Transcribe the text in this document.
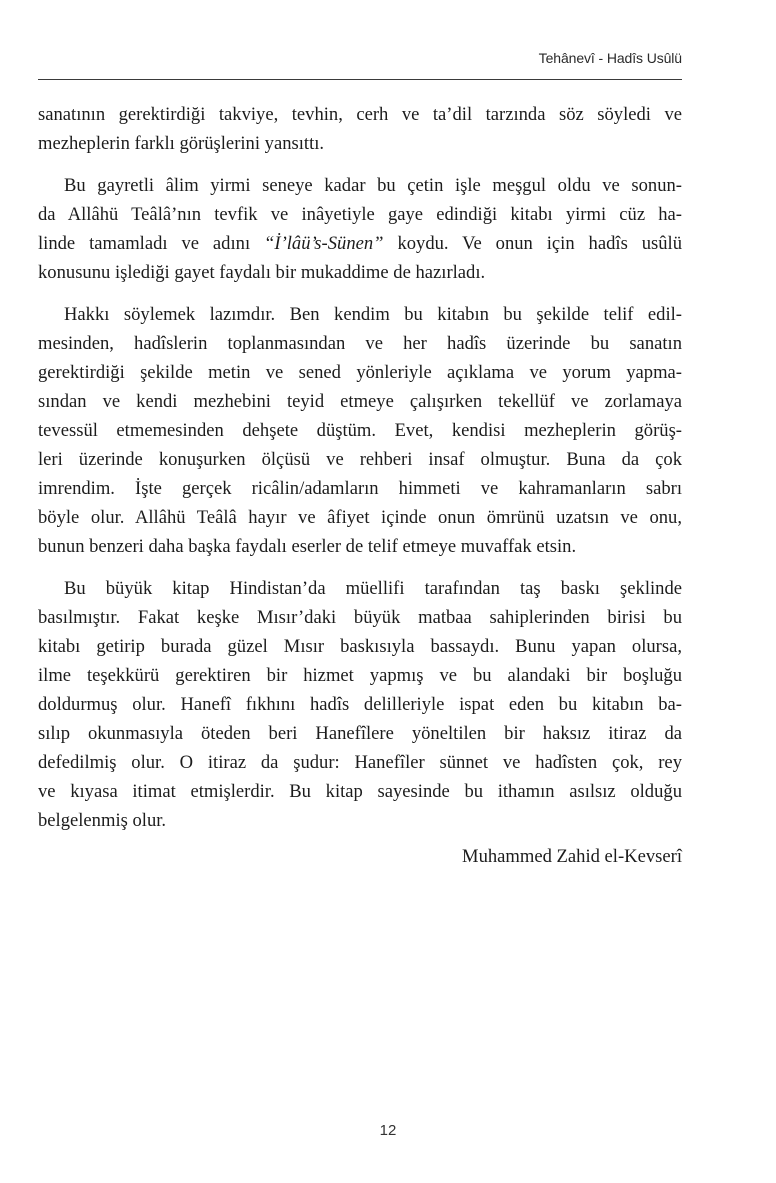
Tehânevî - Hadîs Usûlü
sanatının gerektirdiği takviye, tevhin, cerh ve ta’dil tarzında söz söyledi ve
mezheplerin farklı görüşlerini yansıttı.
Bu gayretli âlim yirmi seneye kadar bu çetin işle meşgul oldu ve sonun-
da Allâhü Teâlâ’nın tevfik ve inâyetiyle gaye edindiği kitabı yirmi cüz ha-
linde tamamladı ve adını “İ’lâü’s-Sünen” koydu. Ve onun için hadîs usûlü
konusunu işlediği gayet faydalı bir mukaddime de hazırladı.
Hakkı söylemek lazımdır. Ben kendim bu kitabın bu şekilde telif edil-
mesinden, hadîslerin toplanmasından ve her hadîs üzerinde bu sanatın
gerektirdiği şekilde metin ve sened yönleriyle açıklama ve yorum yapma-
sından ve kendi mezhebini teyid etmeye çalışırken tekellüf ve zorlamaya
tevessül etmemesinden dehşete düştüm. Evet, kendisi mezheplerin görüş-
leri üzerinde konuşurken ölçüsü ve rehberi insaf olmuştur. Buna da çok
imrendim. İşte gerçek ricâlin/adamların himmeti ve kahramanların sabrı
böyle olur. Allâhü Teâlâ hayır ve âfiyet içinde onun ömrünü uzatsın ve onu,
bunun benzeri daha başka faydalı eserler de telif etmeye muvaffak etsin.
Bu büyük kitap Hindistan’da müellifi tarafından taş baskı şeklinde
basılmıştır. Fakat keşke Mısır’daki büyük matbaa sahiplerinden birisi bu
kitabı getirip burada güzel Mısır baskısıyla bassaydı. Bunu yapan olursa,
ilme teşekkürü gerektiren bir hizmet yapmış ve bu alandaki bir boşluğu
doldurmuş olur. Hanefî fıkhını hadîs delilleriyle ispat eden bu kitabın ba-
sılıp okunmasıyla öteden beri Hanefîlere yöneltilen bir haksız itiraz da
defedilmiş olur. O itiraz da şudur: Hanefîler sünnet ve hadîsten çok, rey
ve kıyasa itimat etmişlerdir. Bu kitap sayesinde bu ithamın asılsız olduğu
belgelenmiş olur.
Muhammed Zahid el-Kevserî
12
